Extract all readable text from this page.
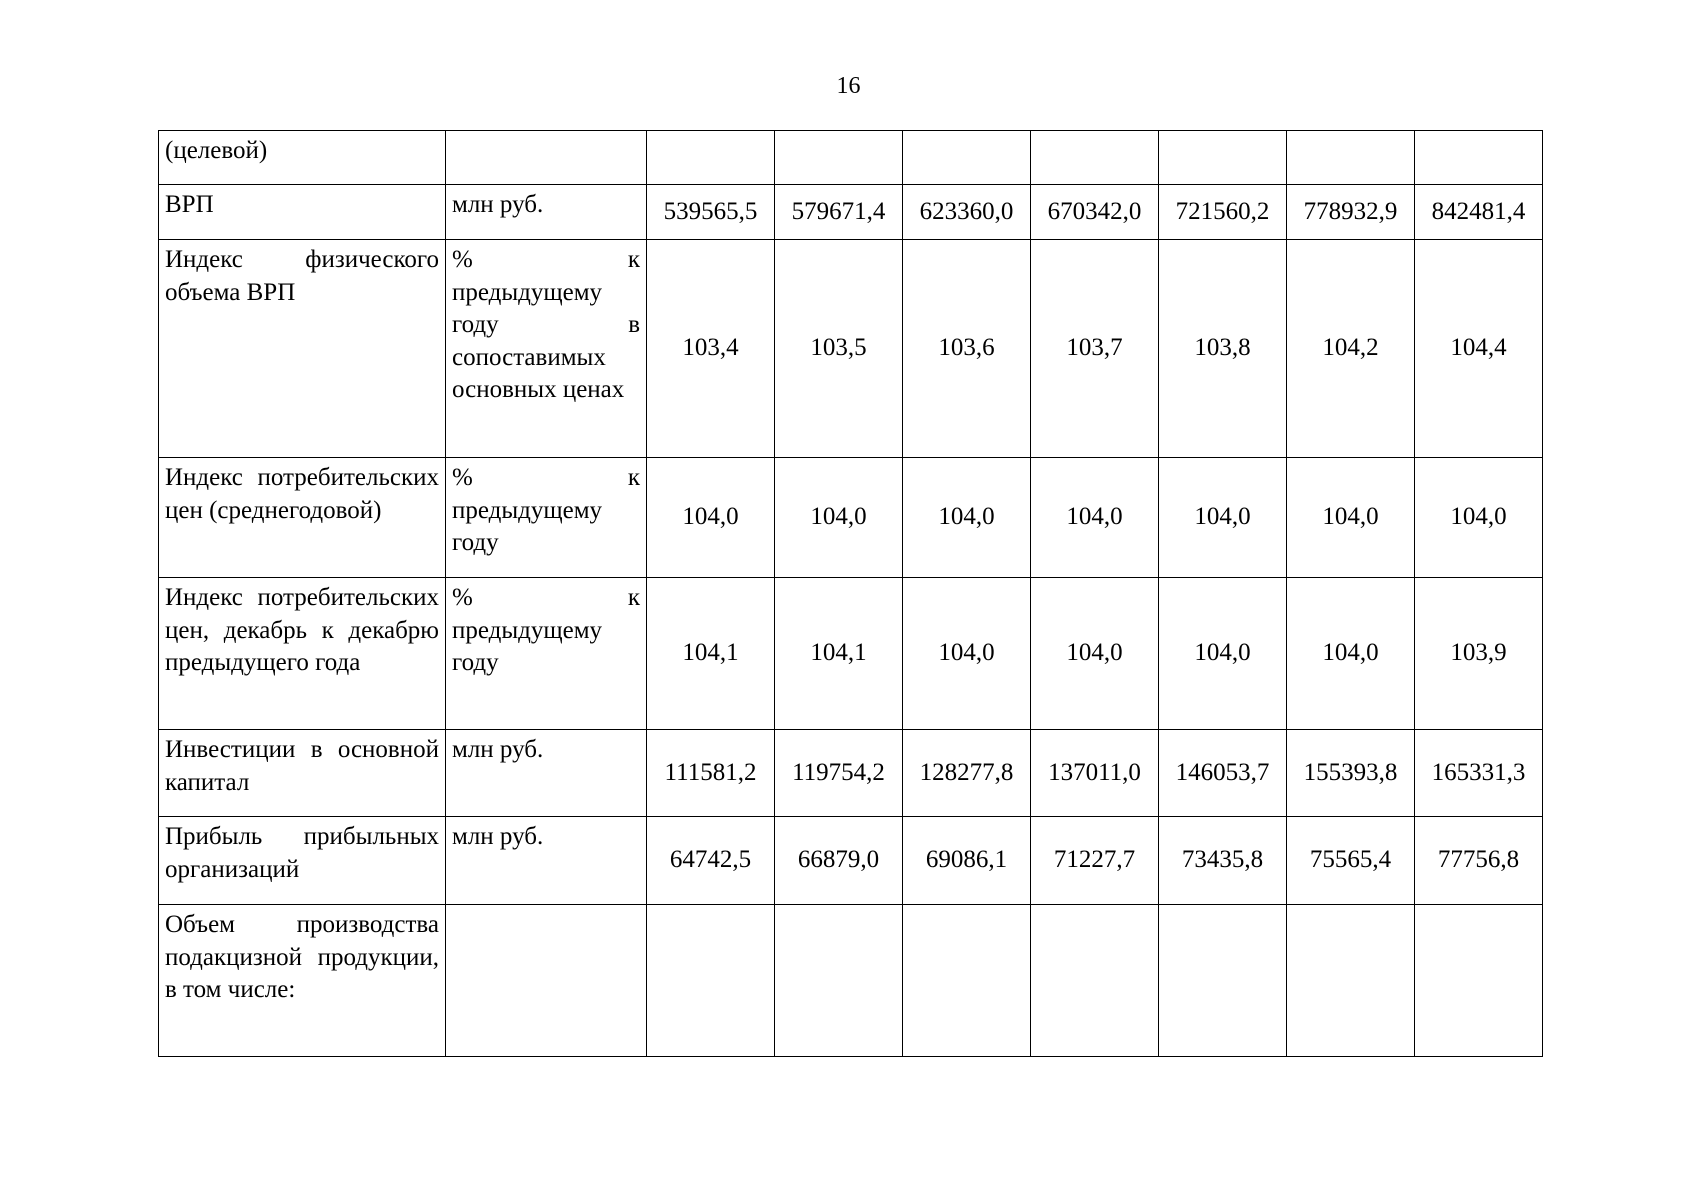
16
(целевой)								
ВРП	млн руб.	539565,5	579671,4	623360,0	670342,0	721560,2	778932,9	842481,4
Индекс физического объема ВРП	% к предыдущему году в сопоставимых основных ценах	103,4	103,5	103,6	103,7	103,8	104,2	104,4
Индекс потребительских цен (среднегодовой)	% к предыдущему году	104,0	104,0	104,0	104,0	104,0	104,0	104,0
Индекс потребительских цен, декабрь к декабрю предыдущего года	% к предыдущему году	104,1	104,1	104,0	104,0	104,0	104,0	103,9
Инвестиции в основной капитал	млн руб.	111581,2	119754,2	128277,8	137011,0	146053,7	155393,8	165331,3
Прибыль прибыльных организаций	млн руб.	64742,5	66879,0	69086,1	71227,7	73435,8	75565,4	77756,8
Объем производства подакцизной продукции, в том числе:								
